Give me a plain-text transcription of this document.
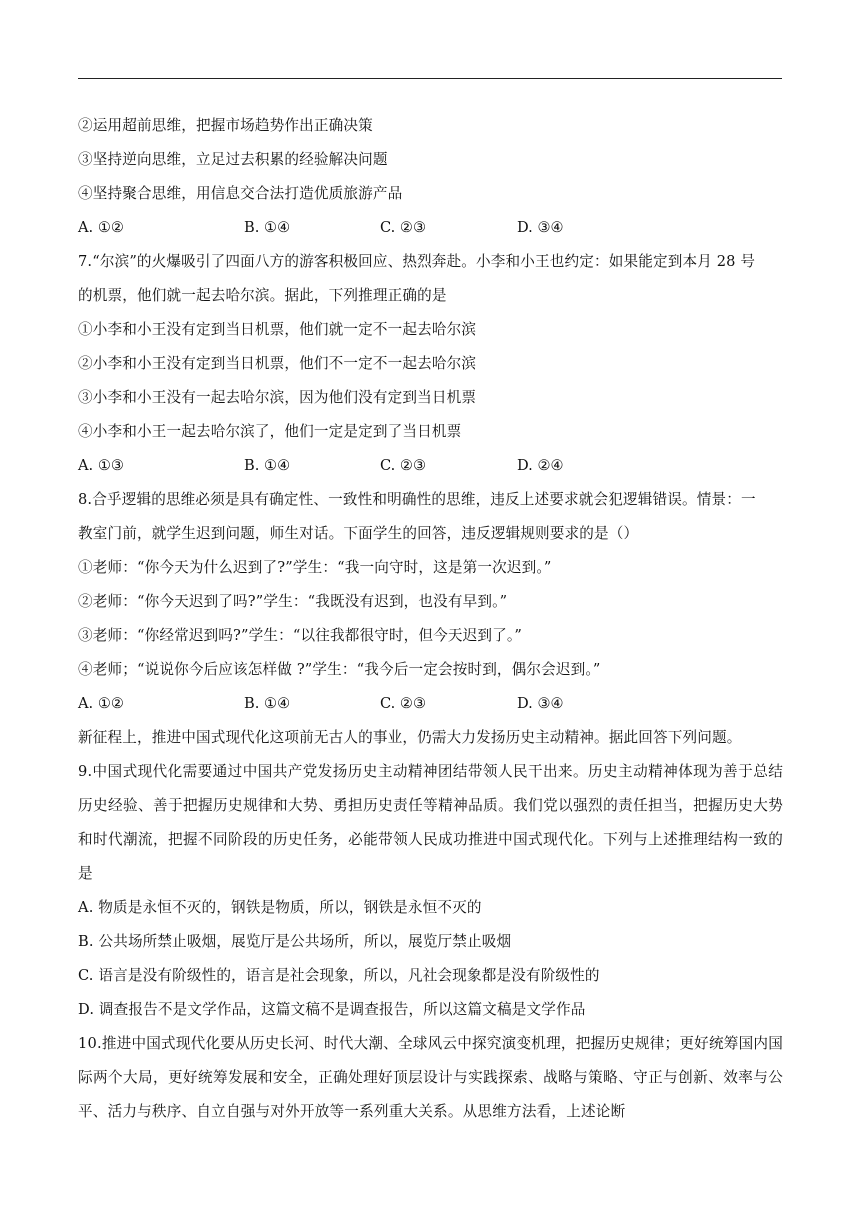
②运用超前思维，把握市场趋势作出正确决策
③坚持逆向思维，立足过去积累的经验解决问题
④坚持聚合思维，用信息交合法打造优质旅游产品
A. ①②	B. ①④	C. ②③	D. ③④
7.“尔滨”的火爆吸引了四面八方的游客积极回应、热烈奔赴。小李和小王也约定：如果能定到本月 28 号
的机票，他们就一起去哈尔滨。据此，下列推理正确的是
①小李和小王没有定到当日机票，他们就一定不一起去哈尔滨
②小李和小王没有定到当日机票，他们不一定不一起去哈尔滨
③小李和小王没有一起去哈尔滨，因为他们没有定到当日机票
④小李和小王一起去哈尔滨了，他们一定是定到了当日机票
A. ①③	B. ①④	C. ②③	D. ②④
8.合乎逻辑的思维必须是具有确定性、一致性和明确性的思维，违反上述要求就会犯逻辑错误。情景：一
教室门前，就学生迟到问题，师生对话。下面学生的回答，违反逻辑规则要求的是（）
①老师：“你今天为什么迟到了?”学生：“我一向守时，这是第一次迟到。”
②老师：“你今天迟到了吗?”学生：“我既没有迟到，也没有早到。”
③老师：“你经常迟到吗?”学生：“以往我都很守时，但今天迟到了。”
④老师；“说说你今后应该怎样做 ?”学生：“我今后一定会按时到，偶尔会迟到。”
A. ①②	B. ①④	C. ②③	D. ③④
新征程上，推进中国式现代化这项前无古人的事业，仍需大力发扬历史主动精神。据此回答下列问题。
9.中国式现代化需要通过中国共产党发扬历史主动精神团结带领人民干出来。历史主动精神体现为善于总结历史经验、善于把握历史规律和大势、勇担历史责任等精神品质。我们党以强烈的责任担当，把握历史大势和时代潮流，把握不同阶段的历史任务，必能带领人民成功推进中国式现代化。下列与上述推理结构一致的是
A. 物质是永恒不灭的，钢铁是物质，所以，钢铁是永恒不灭的
B. 公共场所禁止吸烟，展览厅是公共场所，所以，展览厅禁止吸烟
C. 语言是没有阶级性的，语言是社会现象，所以，凡社会现象都是没有阶级性的
D. 调查报告不是文学作品，这篇文稿不是调查报告，所以这篇文稿是文学作品
10.推进中国式现代化要从历史长河、时代大潮、全球风云中探究演变机理，把握历史规律；更好统筹国内国际两个大局，更好统筹发展和安全，正确处理好顶层设计与实践探索、战略与策略、守正与创新、效率与公平、活力与秩序、自立自强与对外开放等一系列重大关系。从思维方法看，上述论断
